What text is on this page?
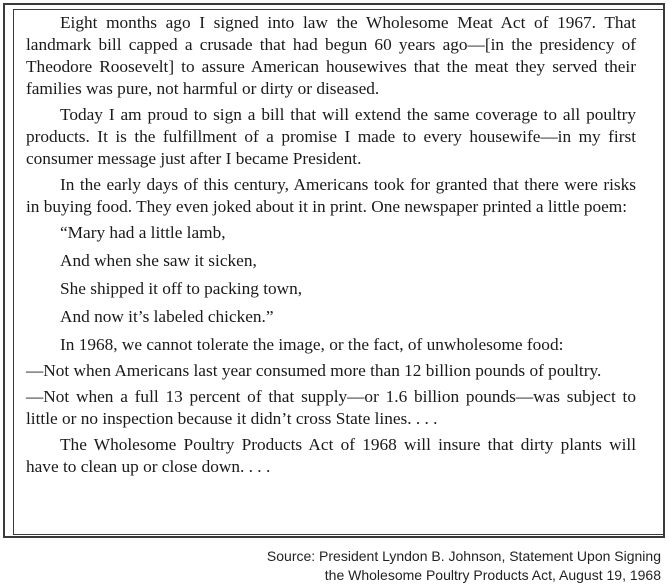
Eight months ago I signed into law the Wholesome Meat Act of 1967. That landmark bill capped a crusade that had begun 60 years ago—[in the presidency of Theodore Roosevelt] to assure American housewives that the meat they served their families was pure, not harmful or dirty or diseased.

Today I am proud to sign a bill that will extend the same coverage to all poultry products. It is the fulfillment of a promise I made to every housewife—in my first consumer message just after I became President.

In the early days of this century, Americans took for granted that there were risks in buying food. They even joked about it in print. One newspaper printed a little poem:

“Mary had a little lamb,

And when she saw it sicken,

She shipped it off to packing town,

And now it’s labeled chicken.”

In 1968, we cannot tolerate the image, or the fact, of unwholesome food:

—Not when Americans last year consumed more than 12 billion pounds of poultry.

—Not when a full 13 percent of that supply—or 1.6 billion pounds—was subject to little or no inspection because it didn’t cross State lines. . . .

The Wholesome Poultry Products Act of 1968 will insure that dirty plants will have to clean up or close down. . . .

Source: President Lyndon B. Johnson, Statement Upon Signing
the Wholesome Poultry Products Act, August 19, 1968
